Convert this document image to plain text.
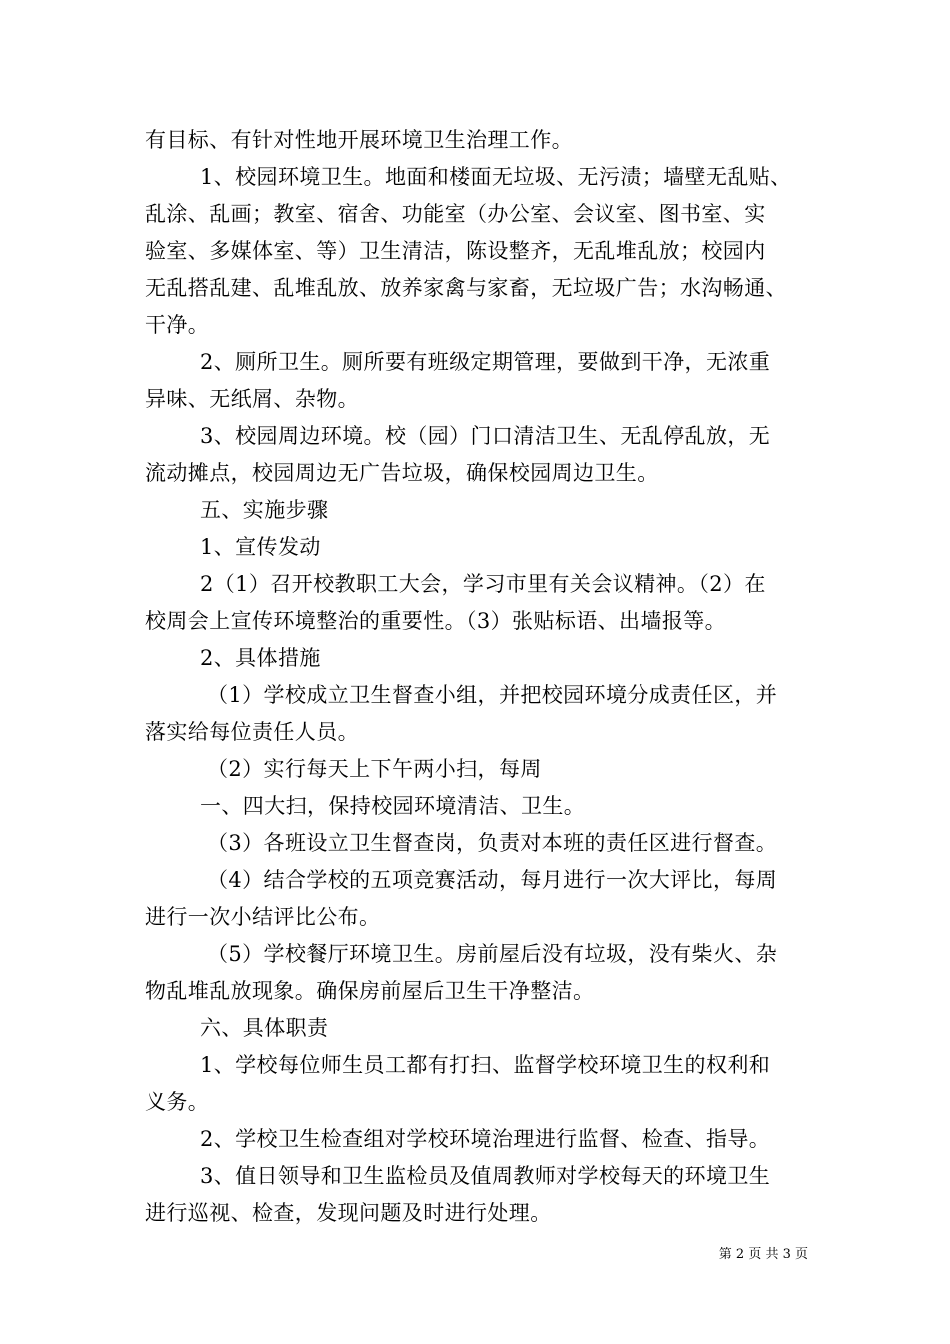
有目标、有针对性地开展环境卫生治理工作。
1、校园环境卫生。地面和楼面无垃圾、无污渍；墙壁无乱贴、
乱涂、乱画；教室、宿舍、功能室（办公室、会议室、图书室、实
验室、多媒体室、等）卫生清洁，陈设整齐，无乱堆乱放；校园内
无乱搭乱建、乱堆乱放、放养家禽与家畜，无垃圾广告；水沟畅通、
干净。
2、厕所卫生。厕所要有班级定期管理，要做到干净，无浓重
异味、无纸屑、杂物。
3、校园周边环境。校（园）门口清洁卫生、无乱停乱放，无
流动摊点，校园周边无广告垃圾，确保校园周边卫生。
五、实施步骤
1、宣传发动
2（1）召开校教职工大会，学习市里有关会议精神。（2）在
校周会上宣传环境整治的重要性。（3）张贴标语、出墙报等。
2、具体措施
（1）学校成立卫生督查小组，并把校园环境分成责任区，并
落实给每位责任人员。
（2）实行每天上下午两小扫，每周
一、四大扫，保持校园环境清洁、卫生。
（3）各班设立卫生督查岗，负责对本班的责任区进行督查。
（4）结合学校的五项竞赛活动，每月进行一次大评比，每周
进行一次小结评比公布。
（5）学校餐厅环境卫生。房前屋后没有垃圾，没有柴火、杂
物乱堆乱放现象。确保房前屋后卫生干净整洁。
六、具体职责
1、学校每位师生员工都有打扫、监督学校环境卫生的权利和
义务。
2、学校卫生检查组对学校环境治理进行监督、检查、指导。
3、值日领导和卫生监检员及值周教师对学校每天的环境卫生
进行巡视、检查，发现问题及时进行处理。
第 2 页 共 3 页
